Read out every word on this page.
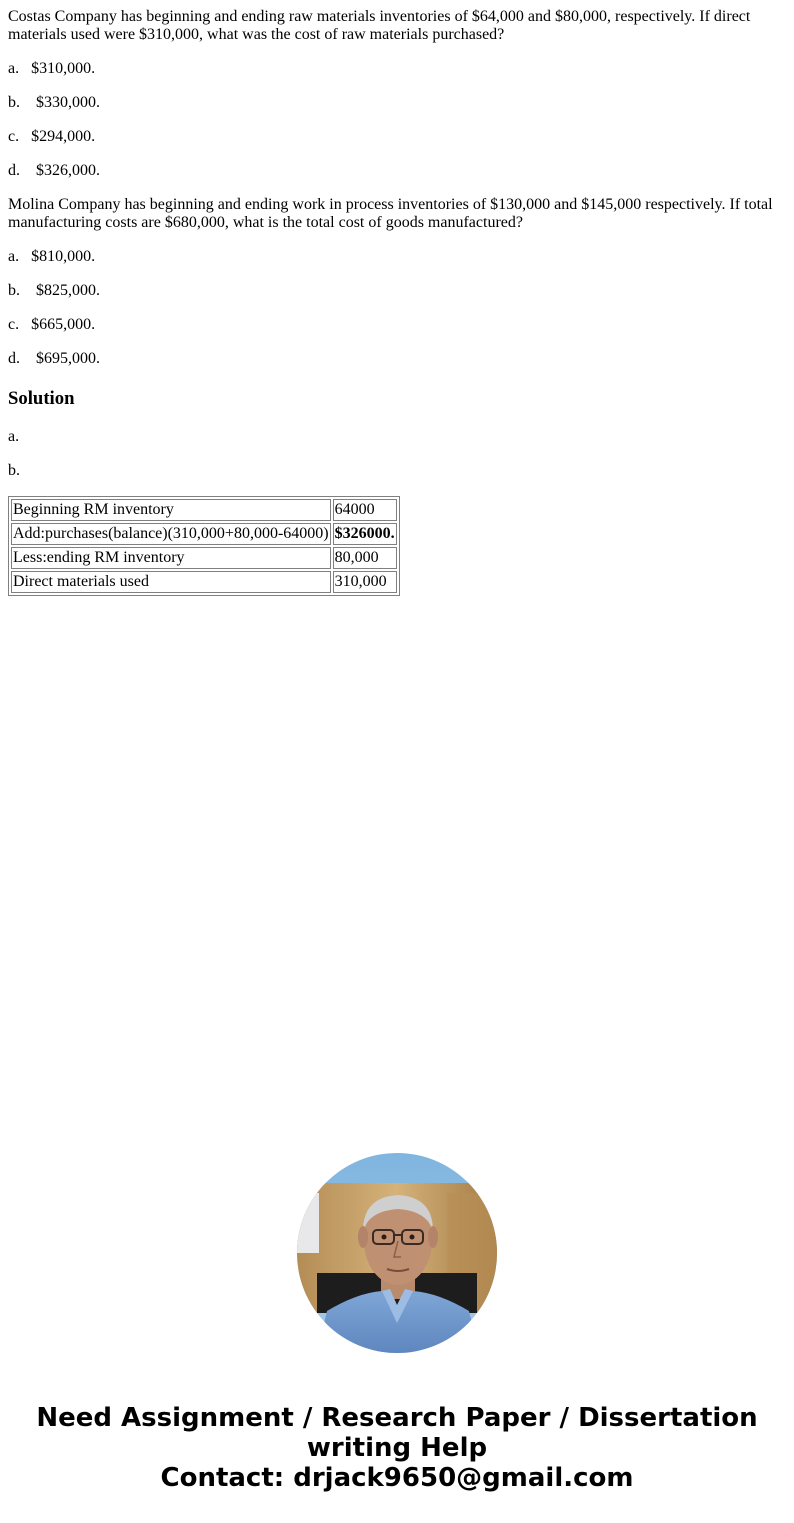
Costas Company has beginning and ending raw materials inventories of $64,000 and $80,000, respectively. If direct materials used were $310,000, what was the cost of raw materials purchased?

a. $310,000.

b. $330,000.

c. $294,000.

d. $326,000.

Molina Company has beginning and ending work in process inventories of $130,000 and $145,000 respectively. If total manufacturing costs are $680,000, what is the total cost of goods manufactured?

a. $810,000.

b. $825,000.

c. $665,000.

d. $695,000.

Solution

a.

b.

Beginning RM inventory	64000
Add:purchases(balance)(310,000+80,000-64000)	$326000.
Less:ending RM inventory	80,000
Direct materials used	310,000
Need Assignment / Research Paper / Dissertation
writing Help
Contact: drjack9650@gmail.com
